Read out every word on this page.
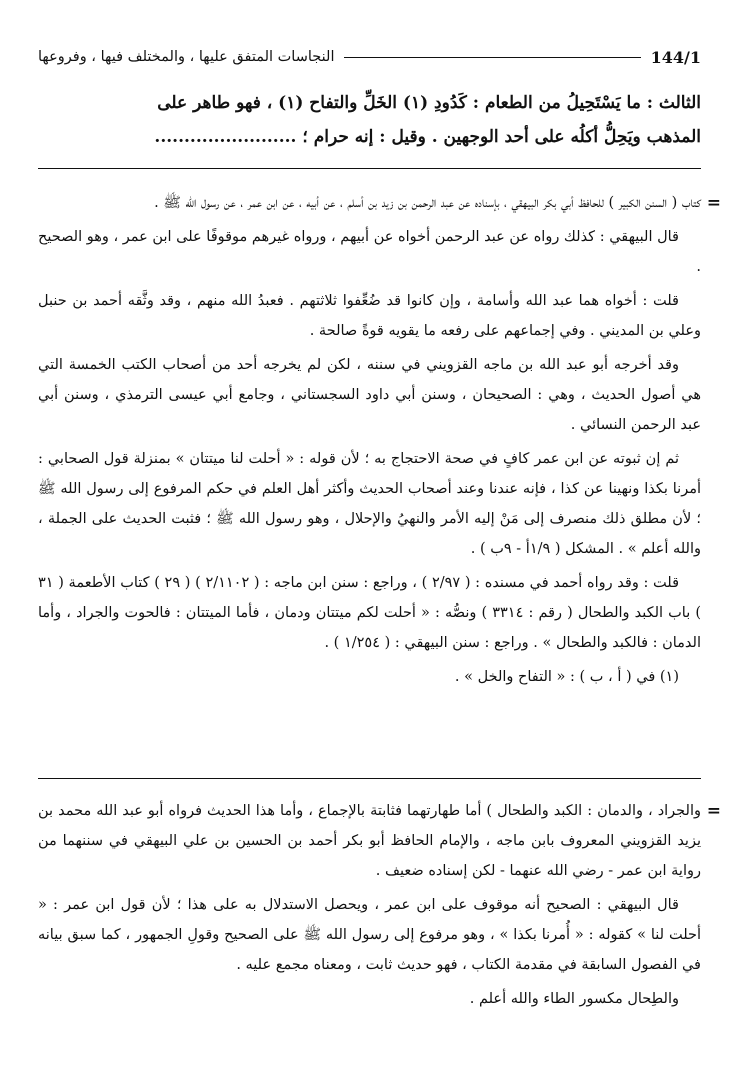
144/1
النجاسات المتفق عليها ، والمختلف فيها ، وفروعها

الثالث : ما يَسْتَحِيلُ من الطعام : كَدُودِ (١) الخَلِّ والتفاح (١) ، فهو طاهر على

المذهب ويَحِلُّ أكلُه على أحد الوجهين . وقيل : إنه حرام ؛ ........................

=

كتاب ( السنن الكبير ) للحافظ أبي بكر البيهقي ، بإسناده عن عبد الرحمن بن زيد بن أسلم ، عن أبيه ، عن ابن عمر ، عن رسول الله ﷺ .

قال البيهقي : كذلك رواه عن عبد الرحمن أخواه عن أبيهم ، ورواه غيرهم موقوفًا على ابن عمر ، وهو الصحيح .

قلت : أخواه هما عبد الله وأسامة ، وإن كانوا قد ضُعِّفوا ثلاثتهم . فعبدُ الله منهم ، وقد وثَّقه أحمد بن حنبل وعلي بن المديني . وفي إجماعهم على رفعه ما يقويه قوةً صالحة .

وقد أخرجه أبو عبد الله بن ماجه القزويني في سننه ، لكن لم يخرجه أحد من أصحاب الكتب الخمسة التي هي أصول الحديث ، وهي : الصحيحان ، وسنن أبي داود السجستاني ، وجامع أبي عيسى الترمذي ، وسنن أبي عبد الرحمن النسائي .

ثم إن ثبوته عن ابن عمر كافٍ في صحة الاحتجاج به ؛ لأن قوله : « أحلت لنا ميتتان » بمنزلة قول الصحابي : أمرنا بكذا ونهينا عن كذا ، فإنه عندنا وعند أصحاب الحديث وأكثر أهل العلم في حكم المرفوع إلى رسول الله ﷺ ؛ لأن مطلق ذلك منصرف إلى مَنْ إليه الأمر والنهيُ والإحلال ، وهو رسول الله ﷺ ؛ فثبت الحديث على الجملة ، والله أعلم » . المشكل ( ١/٩أ - ٩ب ) .

قلت : وقد رواه أحمد في مسنده : ( ٢/٩٧ ) ، وراجع : سنن ابن ماجه : ( ٢/١١٠٢ ) ( ٢٩ ) كتاب الأطعمة ( ٣١ ) باب الكبد والطحال ( رقم : ٣٣١٤ ) ونصُّه : « أحلت لكم ميتتان ودمان ، فأما الميتتان : فالحوت والجراد ، وأما الدمان : فالكبد والطحال » . وراجع : سنن البيهقي : ( ١/٢٥٤ ) .

(١) في ( أ ، ب ) : « التفاح والخل » .

=

والجراد ، والدمان : الكبد والطحال ) أما طهارتهما فثابتة بالإجماع ، وأما هذا الحديث فرواه أبو عبد الله محمد بن يزيد القزويني المعروف بابن ماجه ، والإمام الحافظ أبو بكر أحمد بن الحسين بن علي البيهقي في سننهما من رواية ابن عمر - رضي الله عنهما - لكن إسناده ضعيف .

قال البيهقي : الصحيح أنه موقوف على ابن عمر ، ويحصل الاستدلال به على هذا ؛ لأن قول ابن عمر : « أحلت لنا » كقوله : « أُمرنا بكذا » ، وهو مرفوع إلى رسول الله ﷺ على الصحيح وقولِ الجمهور ، كما سبق بيانه في الفصول السابقة في مقدمة الكتاب ، فهو حديث ثابت ، ومعناه مجمع عليه .

والطِحال مكسور الطاء والله أعلم .
